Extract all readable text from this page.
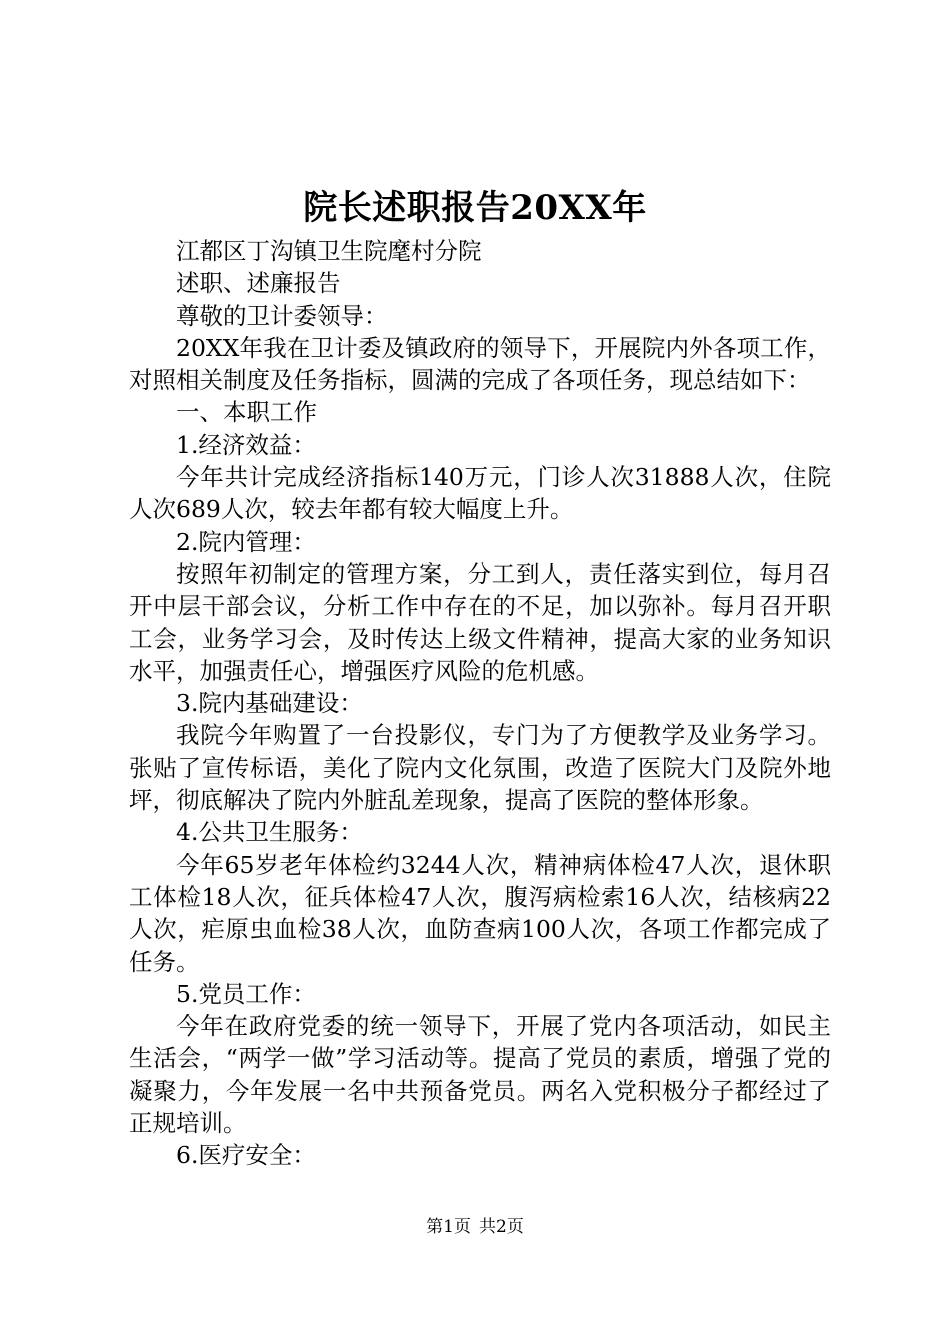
院长述职报告20XX年

江都区丁沟镇卫生院麾村分院

述职、述廉报告

尊敬的卫计委领导：

20XX年我在卫计委及镇政府的领导下，开展院内外各项工作，对照相关制度及任务指标，圆满的完成了各项任务，现总结如下：

一、本职工作

1.经济效益：

今年共计完成经济指标140万元，门诊人次31888人次，住院人次689人次，较去年都有较大幅度上升。

2.院内管理：

按照年初制定的管理方案，分工到人，责任落实到位，每月召开中层干部会议，分析工作中存在的不足，加以弥补。每月召开职工会，业务学习会，及时传达上级文件精神，提高大家的业务知识水平，加强责任心，增强医疗风险的危机感。

3.院内基础建设：

我院今年购置了一台投影仪，专门为了方便教学及业务学习。张贴了宣传标语，美化了院内文化氛围，改造了医院大门及院外地坪，彻底解决了院内外脏乱差现象，提高了医院的整体形象。

4.公共卫生服务：

今年65岁老年体检约3244人次，精神病体检47人次，退休职工体检18人次，征兵体检47人次，腹泻病检索16人次，结核病22人次，疟原虫血检38人次，血防查病100人次，各项工作都完成了任务。

5.党员工作：

今年在政府党委的统一领导下，开展了党内各项活动，如民主生活会，“两学一做”学习活动等。提高了党员的素质，增强了党的凝聚力，今年发展一名中共预备党员。两名入党积极分子都经过了正规培训。

6.医疗安全：

第1页 共2页
